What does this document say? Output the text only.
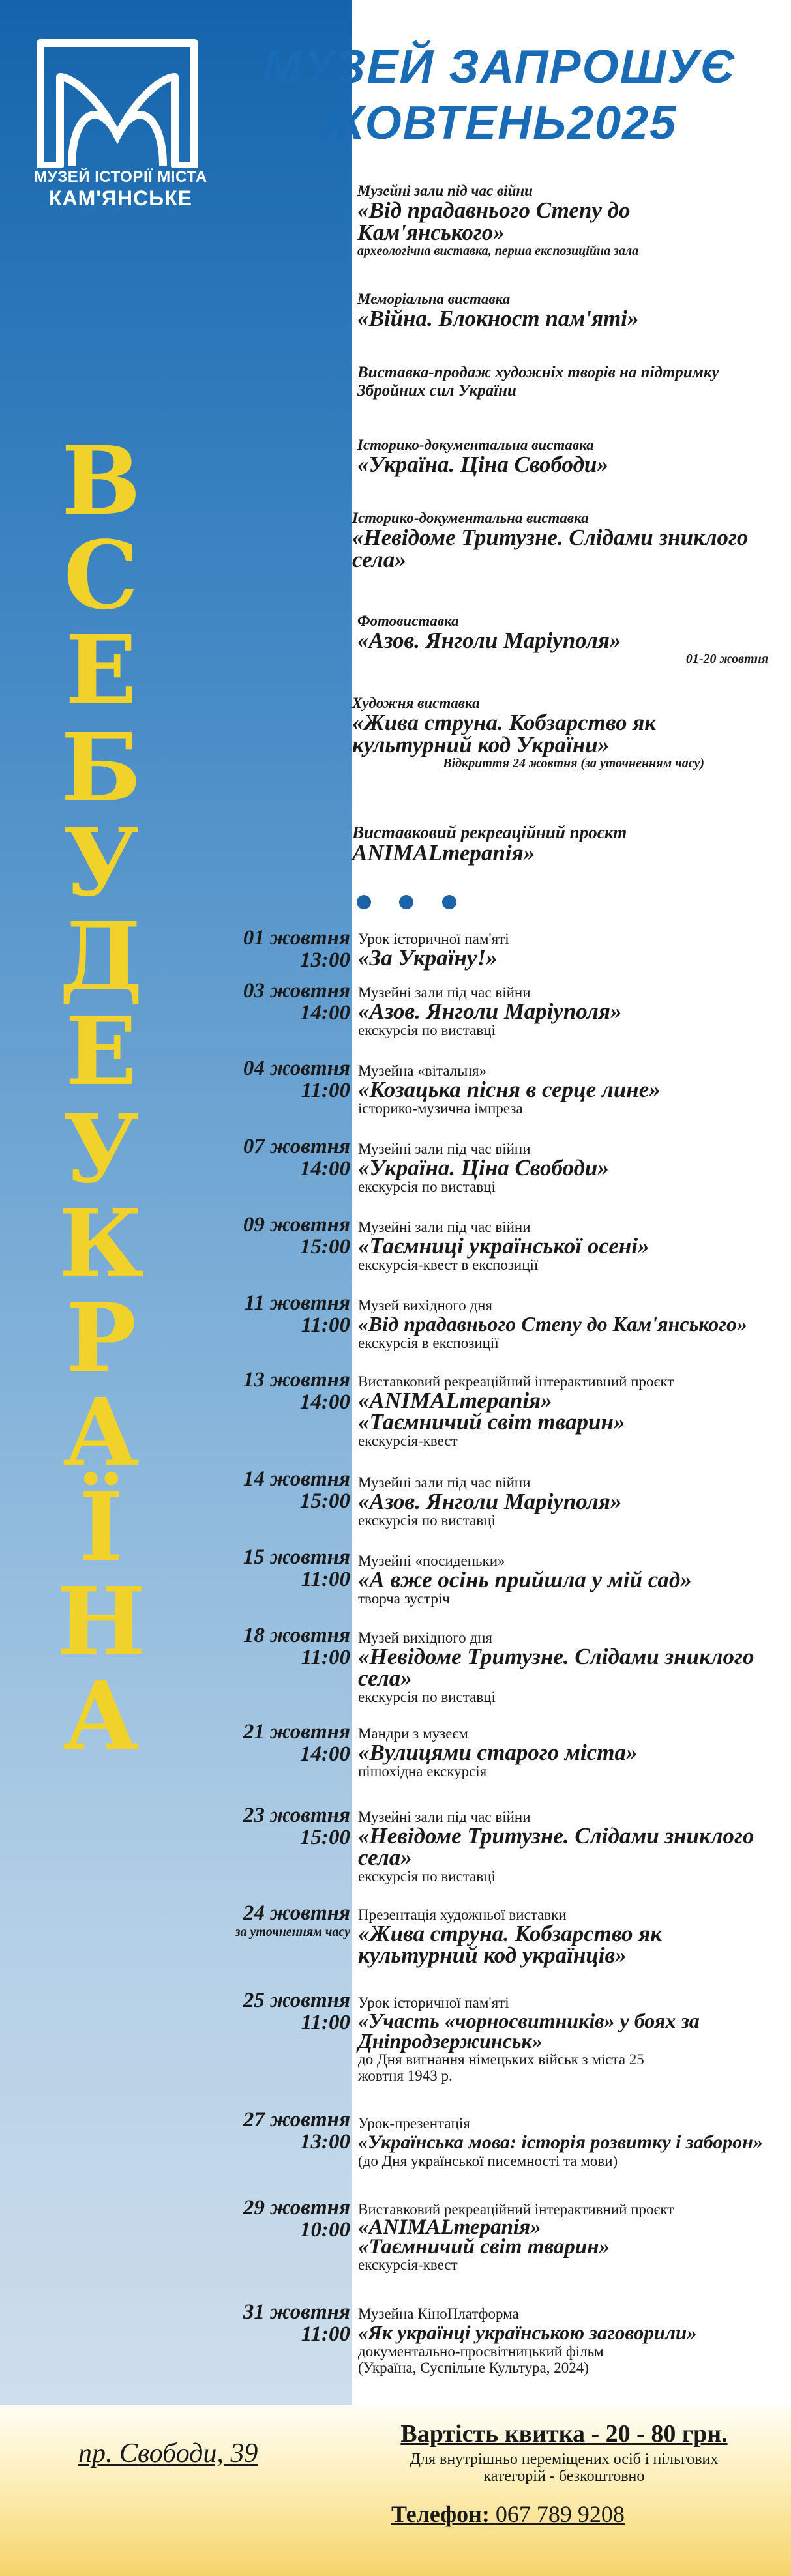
МУЗЕЙ ІСТОРІЇ МІСТА
КАМ'ЯНСЬКЕ
МУЗЕЙ ЗАПРОШУЄ
ЖОВТЕНЬ2025
В
С
Е
Б
У
Д
Е
У
К
Р
А
Ї
Н
А
Музейні зали під час війни
«Від прадавнього Степу до Кам'янського»
археологічна виставка, перша експозиційна зала
Меморіальна виставка
«Війна. Блокност пам'яті»
Виставка-продаж художніх творів на підтримку Збройних сил України
Історико-документальна виставка
«Україна. Ціна Свободи»
Історико-документальна виставка
«Невідоме Тритузне. Слідами зниклого села»
Фотовиставка
«Азов. Янголи Маріуполя»
01-20 жовтня
Художня виставка
«Жива струна. Кобзарство як культурний код України»
Відкриття 24 жовтня (за уточненням часу)
Виставковий рекреаційний проєкт
ANIMALтерапія»
01 жовтня
13:00
Урок історичної пам'яті
«За Україну!»
03 жовтня
14:00
Музейні зали під час війни
«Азов. Янголи Маріуполя»
екскурсія по виставці
04 жовтня
11:00
Музейна «вітальня»
«Козацька пісня в серце лине»
історико-музична імпреза
07 жовтня
14:00
Музейні зали під час війни
«Україна. Ціна Свободи»
екскурсія по виставці
09 жовтня
15:00
Музейні зали під час війни
«Таємниці української осені»
екскурсія-квест в експозиції
11 жовтня
11:00
Музей вихідного дня
«Від прадавнього Степу до Кам'янського»
екскурсія в експозиції
13 жовтня
14:00
Виставковий рекреаційний інтерактивний проєкт
«ANIMALтерапія» «Таємничий світ тварин»
екскурсія-квест
14 жовтня
15:00
Музейні зали під час війни
«Азов. Янголи Маріуполя»
екскурсія по виставці
15 жовтня
11:00
Музейні «посиденьки»
«А вже осінь прийшла у мій сад»
творча зустріч
18 жовтня
11:00
Музей вихідного дня
«Невідоме Тритузне. Слідами зниклого села»
екскурсія по виставці
21 жовтня
14:00
Мандри з музеєм
«Вулицями старого міста»
пішохідна екскурсія
23 жовтня
15:00
Музейні зали під час війни
«Невідоме Тритузне. Слідами зниклого села»
екскурсія по виставці
24 жовтня
за уточненням часу
Презентація художньої виставки
«Жива струна. Кобзарство як культурний код українців»
25 жовтня
11:00
Урок історичної пам'яті
«Участь «чорносвитників» у боях за Дніпродзержинськ»
до Дня вигнання німецьких військ з міста 25 жовтня 1943 р.
27 жовтня
13:00
Урок-презентація
«Українська мова: історія розвитку і заборон»
(до Дня української писемності та мови)
29 жовтня
10:00
Виставковий рекреаційний інтерактивний проєкт
«ANIMALтерапія» «Таємничий світ тварин»
екскурсія-квест
31 жовтня
11:00
Музейна КіноПлатформа
«Як українці українською заговорили»
документально-просвітницький фільм (Україна, Суспільне Культура, 2024)
пр. Свободи, 39
Вартість квитка - 20 - 80 грн.
Для внутрішньо переміщених осіб і пільгових категорій - безкоштовно
Телефон: 067 789 9208
